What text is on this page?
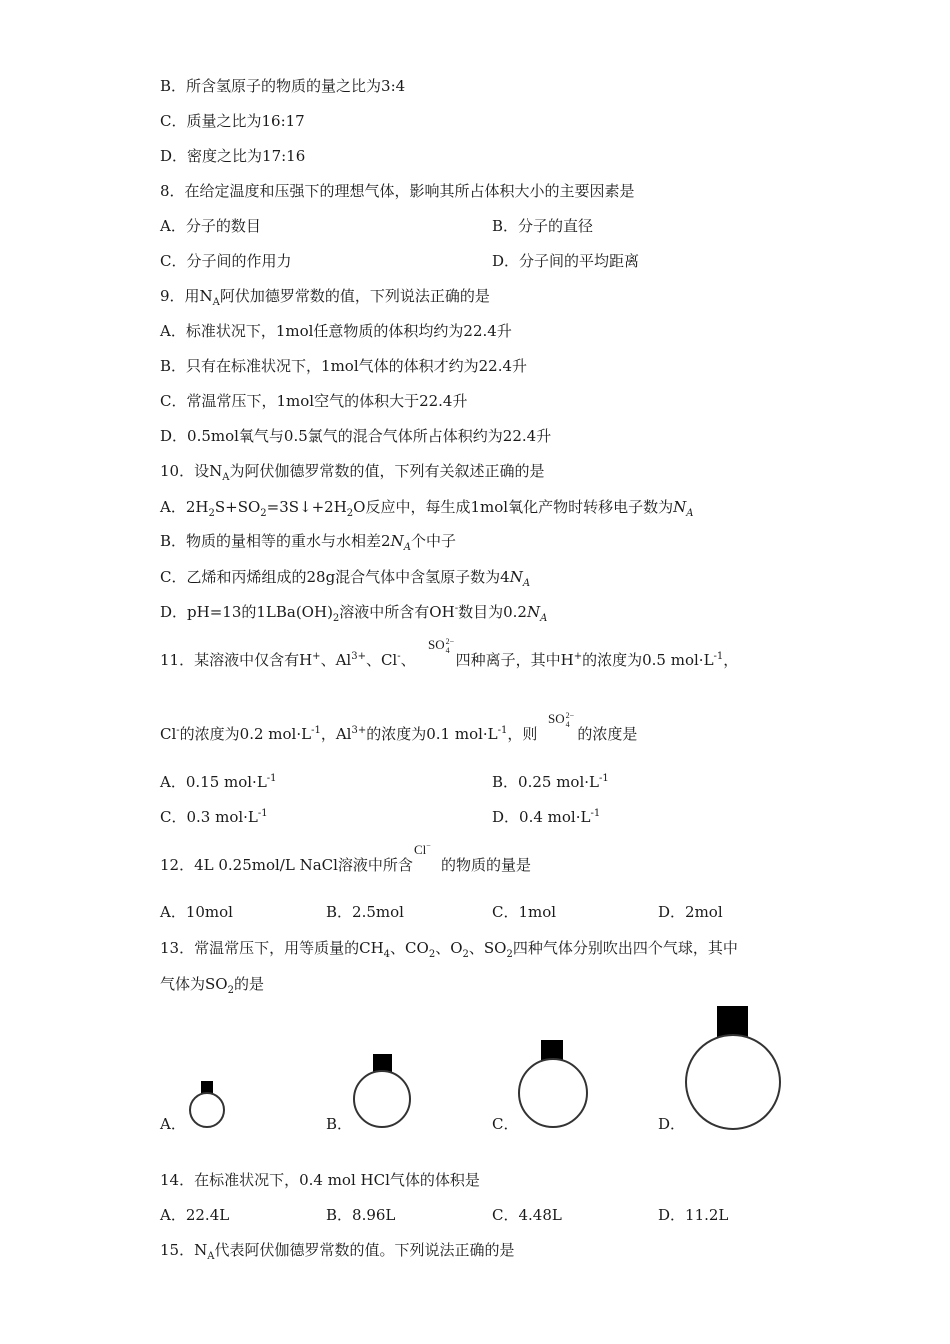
B．所含氢原子的物质的量之比为3:4
C．质量之比为16:17
D．密度之比为17:16
8．在给定温度和压强下的理想气体，影响其所占体积大小的主要因素是
A．分子的数目	B．分子的直径
C．分子间的作用力	D．分子间的平均距离
9．用$N_A$阿伏加德罗常数的值，下列说法正确的是
A．标准状况下，1mol任意物质的体积均约为22.4升
B．只有在标准状况下，1mol气体的体积才约为22.4升
C．常温常压下，1mol空气的体积大于22.4升
D．0.5mol氧气与0.5氯气的混合气体所占体积约为22.4升
10．设$N_A$为阿伏伽德罗常数的值，下列有关叙述正确的是
A．$2H_2S+SO_2=3S↓+2H_2O$反应中，每生成1mol氧化产物时转移电子数为$N_A$
B．物质的量相等的重水与水相差$2N_A$个中子
C．乙烯和丙烯组成的28g混合气体中含氢原子数为$4N_A$
D．pH=13的$1LBa(OH)_2$溶液中所含有OH-数目为$0.2N_A$
11．某溶液中仅含有H+、$Al^{3+}$、Cl-、	四种离子，其中H+的浓度为0.5 $mol\cdot L^{-1}$，
SO 2−
4
Cl-的浓度为0.2 $mol\cdot L^{-1}$，$Al^{3+}$的浓度为0.1 $mol\cdot L^{-1}$，则	的浓度是
SO 2−
4
A．0.15 $mol\cdot L^{-1}$	B．0.25 $mol\cdot L^{-1}$
C．0.3 $mol\cdot L^{-1}$	D．0.4 $mol\cdot L^{-1}$
12．4L 0.25mol/L NaCl溶液中所含 的物质的量是
Cl−
A．10mol	B．2.5mol	C．1mol	D．2mol
13．常温常压下，用等质量的$CH_4$、$CO_2$、$O_2$、$SO_2$四种气体分别吹出四个气球，其中
气体为$SO_2$的是
A．	B．	C．	D．
14．在标准状况下，0.4 mol HCl气体的体积是
A．22.4L	B．8.96L	C．4.48L	D．11.2L
15．$N_A$代表阿伏伽德罗常数的值。下列说法正确的是
